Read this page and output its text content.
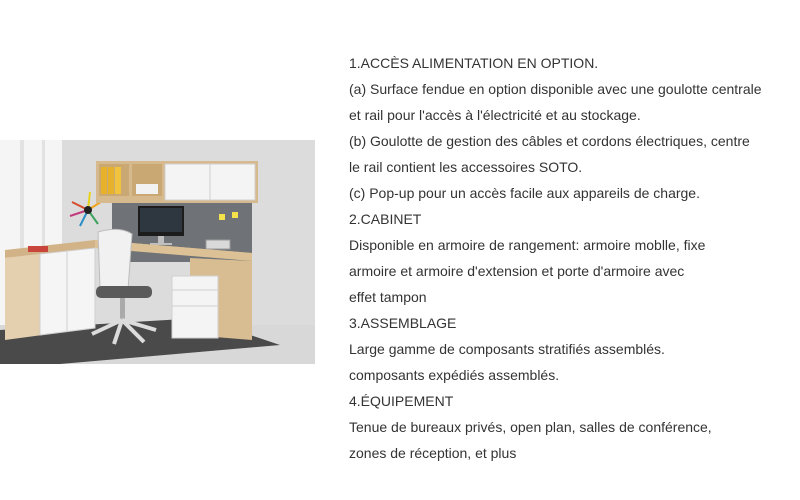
1.ACCÈS ALIMENTATION EN OPTION.
(a) Surface fendue en option disponible avec une goulotte centrale
et rail pour l'accès à l'électricité et au stockage.
(b) Goulotte de gestion des câbles et cordons électriques, centre
le rail contient les accessoires SOTO.
(c) Pop-up pour un accès facile aux appareils de charge.
2.CABINET
Disponible en armoire de rangement: armoire moblle, fixe
armoire et armoire d'extension et porte d'armoire avec
effet tampon
3.ASSEMBLAGE
Large gamme de composants stratifiés assemblés.
composants expédiés assemblés.
4.ÉQUIPEMENT
Tenue de bureaux privés, open plan, salles de conférence,
zones de réception, et plus
